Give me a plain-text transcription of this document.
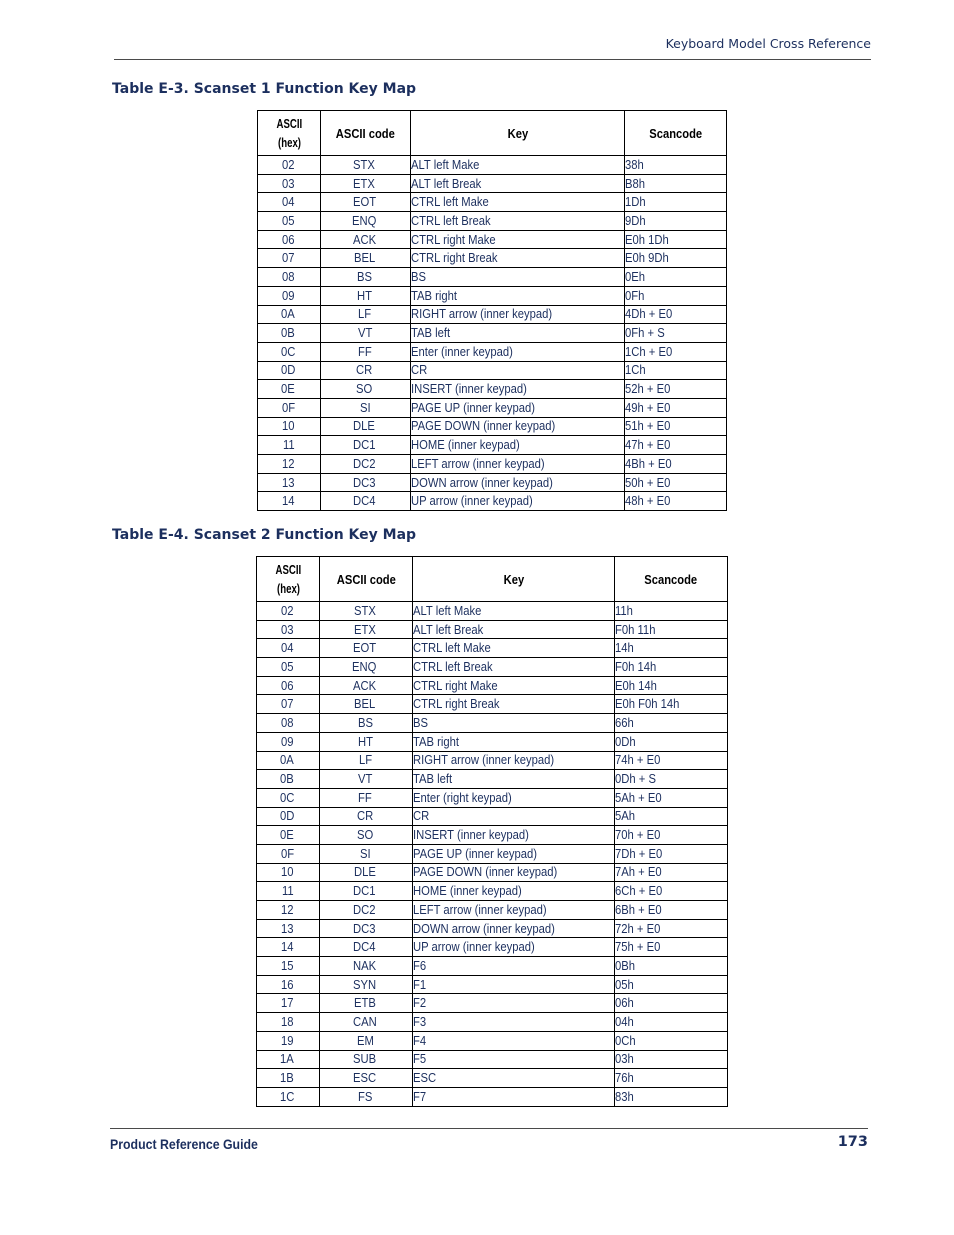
Keyboard Model Cross Reference
Table E-3. Scanset 1 Function Key Map
ASCII
(hex)	ASCII code	Key	Scancode
02	STX	ALT left Make	38h
03	ETX	ALT left Break	B8h
04	EOT	CTRL left Make	1Dh
05	ENQ	CTRL left Break	9Dh
06	ACK	CTRL right Make	E0h 1Dh
07	BEL	CTRL right Break	E0h 9Dh
08	BS	BS	0Eh
09	HT	TAB right	0Fh
0A	LF	RIGHT arrow (inner keypad)	4Dh + E0
0B	VT	TAB left	0Fh + S
0C	FF	Enter (inner keypad)	1Ch + E0
0D	CR	CR	1Ch
0E	SO	INSERT (inner keypad)	52h + E0
0F	SI	PAGE UP (inner keypad)	49h + E0
10	DLE	PAGE DOWN (inner keypad)	51h + E0
11	DC1	HOME (inner keypad)	47h + E0
12	DC2	LEFT arrow (inner keypad)	4Bh + E0
13	DC3	DOWN arrow (inner keypad)	50h + E0
14	DC4	UP arrow (inner keypad)	48h + E0
Table E-4. Scanset 2 Function Key Map
ASCII
(hex)	ASCII code	Key	Scancode
02	STX	ALT left Make	11h
03	ETX	ALT left Break	F0h 11h
04	EOT	CTRL left Make	14h
05	ENQ	CTRL left Break	F0h 14h
06	ACK	CTRL right Make	E0h 14h
07	BEL	CTRL right Break	E0h F0h 14h
08	BS	BS	66h
09	HT	TAB right	0Dh
0A	LF	RIGHT arrow (inner keypad)	74h + E0
0B	VT	TAB left	0Dh + S
0C	FF	Enter (right keypad)	5Ah + E0
0D	CR	CR	5Ah
0E	SO	INSERT (inner keypad)	70h + E0
0F	SI	PAGE UP (inner keypad)	7Dh + E0
10	DLE	PAGE DOWN (inner keypad)	7Ah + E0
11	DC1	HOME (inner keypad)	6Ch + E0
12	DC2	LEFT arrow (inner keypad)	6Bh + E0
13	DC3	DOWN arrow (inner keypad)	72h + E0
14	DC4	UP arrow (inner keypad)	75h + E0
15	NAK	F6	0Bh
16	SYN	F1	05h
17	ETB	F2	06h
18	CAN	F3	04h
19	EM	F4	0Ch
1A	SUB	F5	03h
1B	ESC	ESC	76h
1C	FS	F7	83h
Product Reference Guide	173
